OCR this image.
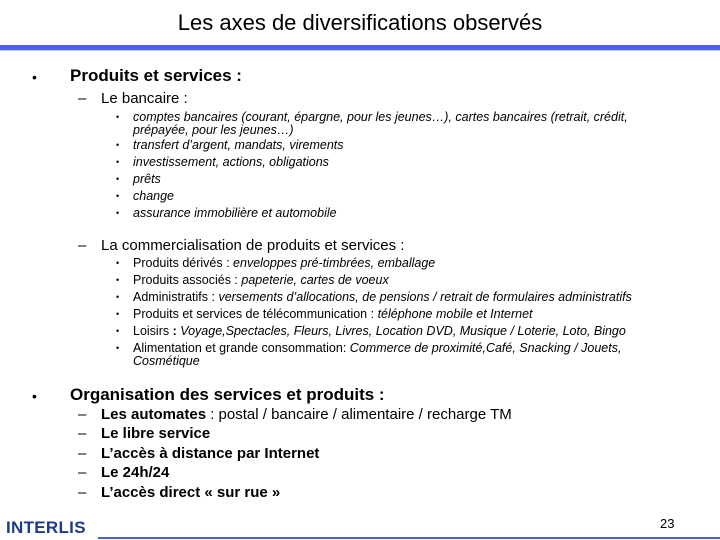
Les axes de diversifications observés
• Produits et services :
– Le bancaire :
• comptes bancaires (courant, épargne, pour les jeunes…), cartes bancaires (retrait, crédit,
prépayée, pour les jeunes…)
• transfert d’argent, mandats, virements
• investissement, actions, obligations
• prêts
• change
• assurance immobilière et automobile
– La commercialisation de produits et services :
• Produits dérivés : enveloppes pré-timbrées, emballage
• Produits associés : papeterie, cartes de voeux
• Administratifs : versements d’allocations, de pensions / retrait de formulaires administratifs
• Produits et services de télécommunication : téléphone mobile et Internet
• Loisirs : Voyage,Spectacles, Fleurs, Livres, Location DVD, Musique / Loterie, Loto, Bingo
• Alimentation et grande consommation: Commerce de proximité,Café, Snacking / Jouets,
Cosmétique
• Organisation des services et produits :
– Les automates : postal / bancaire / alimentaire / recharge TM
– Le libre service
– L’accès à distance par Internet
– Le 24h/24
– L’accès direct « sur rue »
INTERLIS	23
